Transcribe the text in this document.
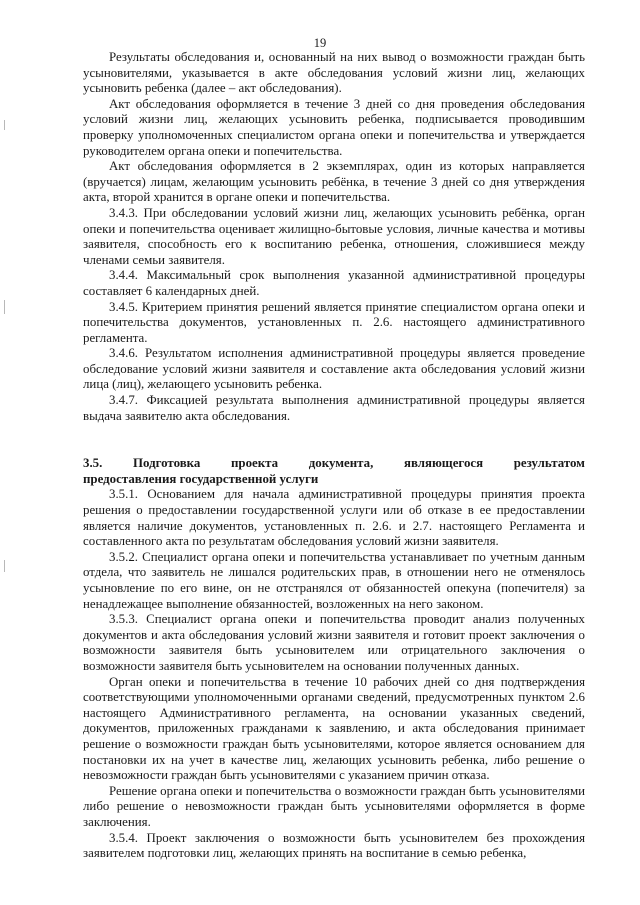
19

Результаты обследования и, основанный на них вывод о возможности граждан быть усыновителями, указывается в акте обследования условий жизни лиц, желающих усыновить ребенка (далее – акт обследования).

Акт обследования оформляется в течение 3 дней со дня проведения обследования условий жизни лиц, желающих усыновить ребенка, подписывается проводившим проверку уполномоченных специалистом органа опеки и попечительства и утверждается руководителем органа опеки и попечительства.

Акт обследования оформляется в 2 экземплярах, один из которых направляется (вручается) лицам, желающим усыновить ребёнка, в течение 3 дней со дня утверждения акта, второй хранится в органе опеки и попечительства.

3.4.3. При обследовании условий жизни лиц, желающих усыновить ребёнка, орган опеки и попечительства оценивает жилищно-бытовые условия, личные качества и мотивы заявителя, способность его к воспитанию ребенка, отношения, сложившиеся между членами семьи заявителя.

3.4.4. Максимальный срок выполнения указанной административной процедуры составляет 6 календарных дней.

3.4.5. Критерием принятия решений является принятие специалистом органа опеки и попечительства документов, установленных п. 2.6. настоящего административного регламента.

3.4.6. Результатом исполнения административной процедуры является проведение обследование условий жизни заявителя и составление акта обследования условий жизни лица (лиц), желающего усыновить ребенка.

3.4.7. Фиксацией результата выполнения административной процедуры является выдача заявителю акта обследования.

3.5. Подготовка проекта документа, являющегося результатом
предоставления государственной услуги

3.5.1. Основанием для начала административной процедуры принятия проекта решения о предоставлении государственной услуги или об отказе в ее предоставлении является наличие документов, установленных п. 2.6. и 2.7. настоящего Регламента и составленного акта по результатам обследования условий жизни заявителя.

3.5.2. Специалист органа опеки и попечительства устанавливает по учетным данным отдела, что заявитель не лишался родительских прав, в отношении него не отменялось усыновление по его вине, он не отстранялся от обязанностей опекуна (попечителя) за ненадлежащее выполнение обязанностей, возложенных на него законом.

3.5.3. Специалист органа опеки и попечительства проводит анализ полученных документов и акта обследования условий жизни заявителя и готовит проект заключения о возможности заявителя быть усыновителем или отрицательного заключения о возможности заявителя быть усыновителем на основании полученных данных.

Орган опеки и попечительства в течение 10 рабочих дней со дня подтверждения соответствующими уполномоченными органами сведений, предусмотренных пунктом 2.6 настоящего Административного регламента, на основании указанных сведений, документов, приложенных гражданами к заявлению, и акта обследования принимает решение о возможности граждан быть усыновителями, которое является основанием для постановки их на учет в качестве лиц, желающих усыновить ребенка, либо решение о невозможности граждан быть усыновителями с указанием причин отказа.

Решение органа опеки и попечительства о возможности граждан быть усыновителями либо решение о невозможности граждан быть усыновителями оформляется в форме заключения.

3.5.4. Проект заключения о возможности быть усыновителем без прохождения заявителем подготовки лиц, желающих принять на воспитание в семью ребенка,
